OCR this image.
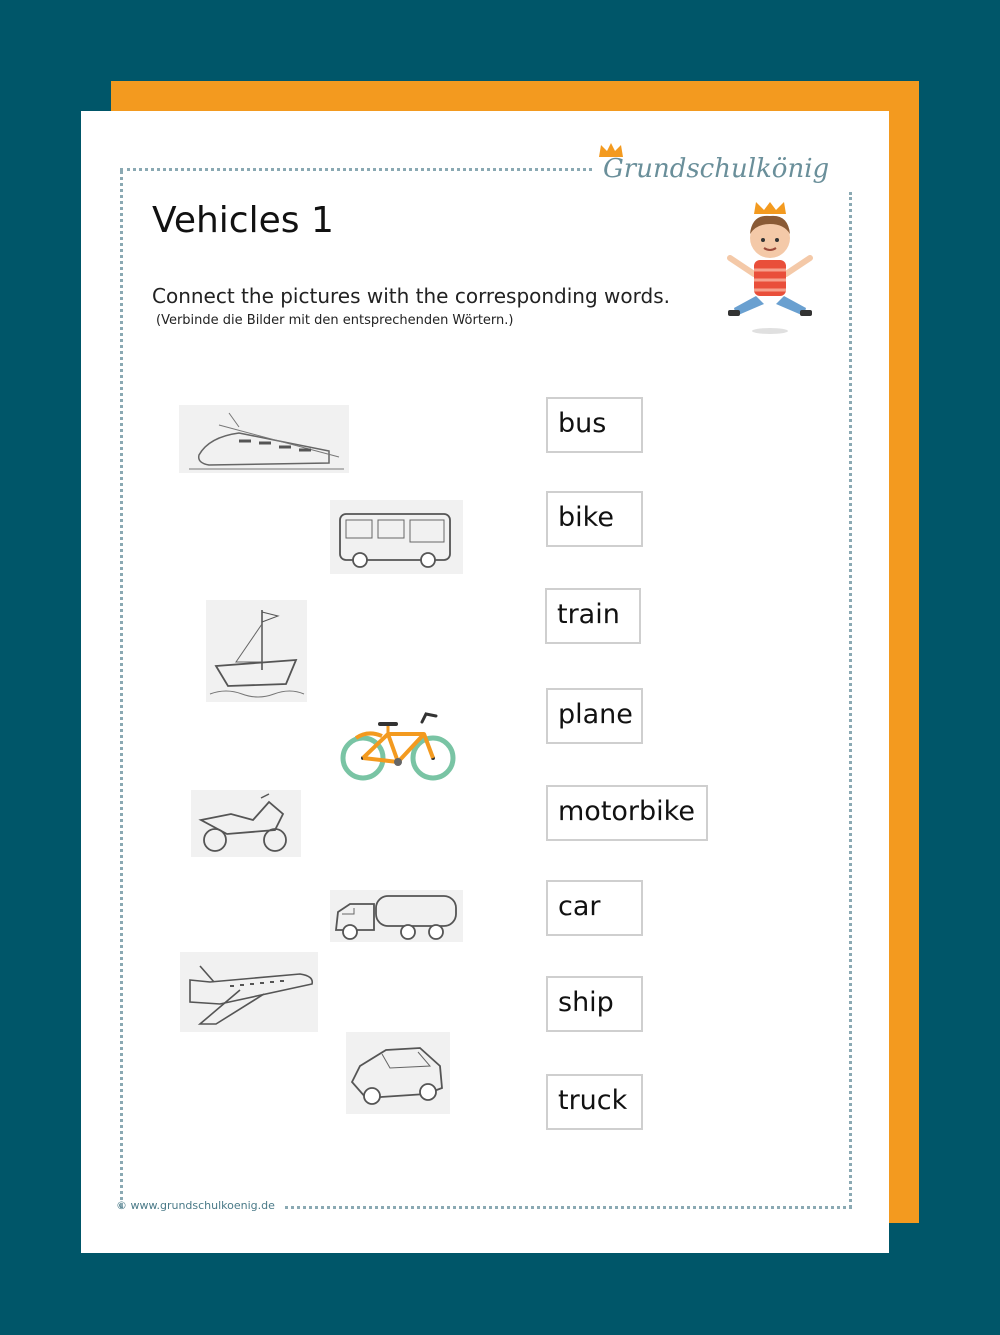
Grundschulkönig
Vehicles 1
Connect the pictures with the corresponding words.
(Verbinde die Bilder mit den entsprechenden Wörtern.)
bus
bike
train
plane
motorbike
car
ship
truck
© www.grundschulkoenig.de
